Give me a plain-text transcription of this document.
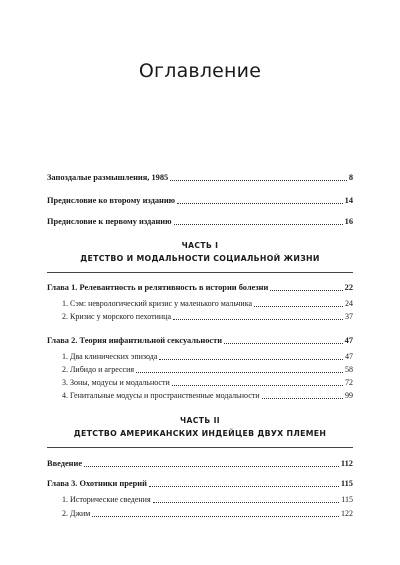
Оглавление
Запоздалые размышления, 1985	8
Предисловие ко второму изданию	14
Предисловие к первому изданию	16
ЧАСТЬ I
ДЕТСТВО И МОДАЛЬНОСТИ СОЦИАЛЬНОЙ ЖИЗНИ
Глава 1. Релевантность и релятивность в истории болезни	22
1. Сэм: неврологический кризис у маленького мальчика	24
2. Кризис у морского пехотинца	37
Глава 2. Теория инфантильной сексуальности	47
1. Два клинических эпизода	47
2. Либидо и агрессия	58
3. Зоны, модусы и модальности	72
4. Генитальные модусы и пространственные модальности	99
ЧАСТЬ II
ДЕТСТВО АМЕРИКАНСКИХ ИНДЕЙЦЕВ ДВУХ ПЛЕМЕН
Введение	112
Глава 3. Охотники прерий	115
1. Исторические сведения	115
2. Джим	122
